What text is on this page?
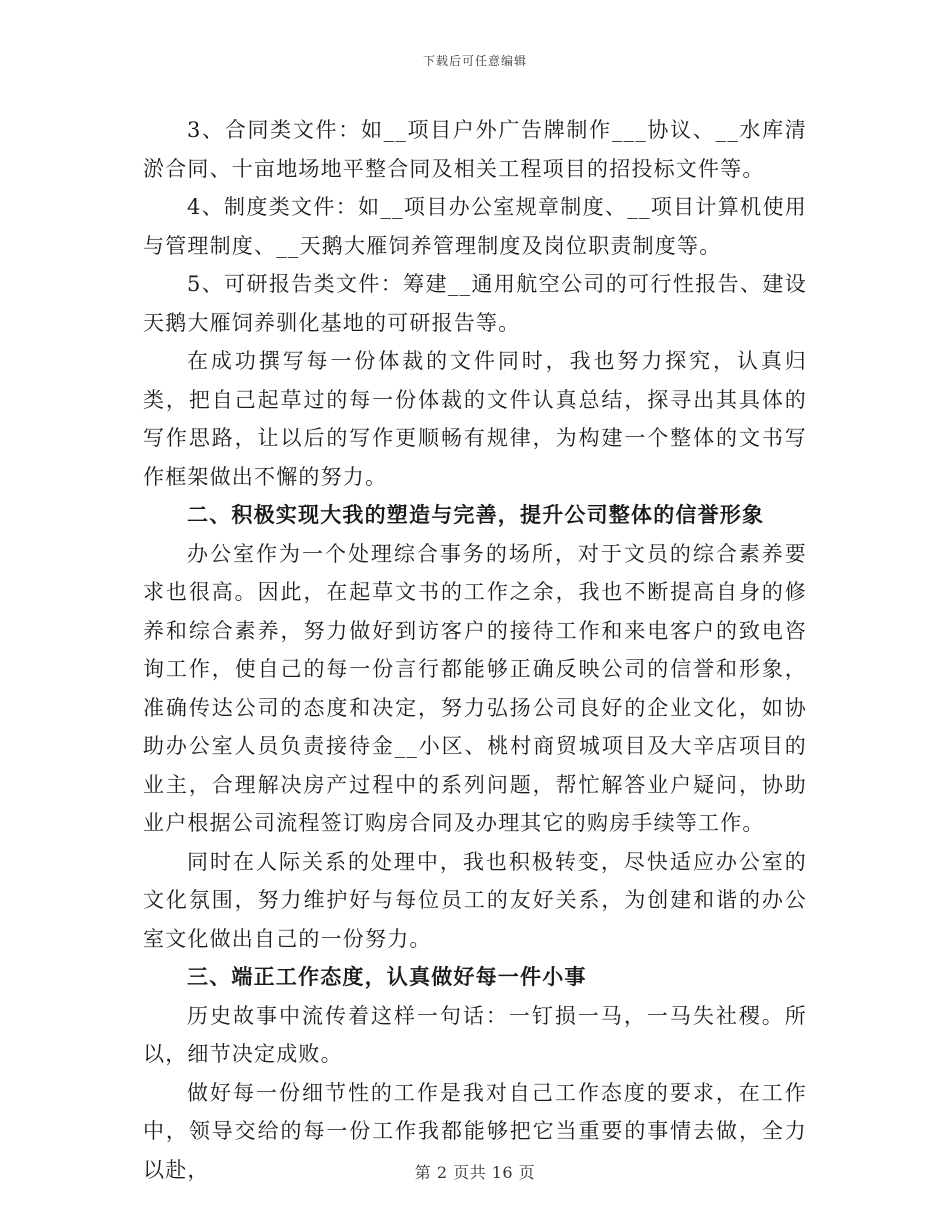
下载后可任意编辑

3、合同类文件：如__项目户外广告牌制作___协议、__水库清淤合同、十亩地场地平整合同及相关工程项目的招投标文件等。

4、制度类文件：如__项目办公室规章制度、__项目计算机使用与管理制度、__天鹅大雁饲养管理制度及岗位职责制度等。

5、可研报告类文件：筹建__通用航空公司的可行性报告、建设天鹅大雁饲养驯化基地的可研报告等。

在成功撰写每一份体裁的文件同时，我也努力探究，认真归类，把自己起草过的每一份体裁的文件认真总结，探寻出其具体的写作思路，让以后的写作更顺畅有规律，为构建一个整体的文书写作框架做出不懈的努力。

二、积极实现大我的塑造与完善，提升公司整体的信誉形象

办公室作为一个处理综合事务的场所，对于文员的综合素养要求也很高。因此，在起草文书的工作之余，我也不断提高自身的修养和综合素养，努力做好到访客户的接待工作和来电客户的致电咨询工作，使自己的每一份言行都能够正确反映公司的信誉和形象，准确传达公司的态度和决定，努力弘扬公司良好的企业文化，如协助办公室人员负责接待金__小区、桃村商贸城项目及大辛店项目的业主，合理解决房产过程中的系列问题，帮忙解答业户疑问，协助业户根据公司流程签订购房合同及办理其它的购房手续等工作。

同时在人际关系的处理中，我也积极转变，尽快适应办公室的文化氛围，努力维护好与每位员工的友好关系，为创建和谐的办公室文化做出自己的一份努力。

三、端正工作态度，认真做好每一件小事

历史故事中流传着这样一句话：一钉损一马，一马失社稷。所以，细节决定成败。

做好每一份细节性的工作是我对自己工作态度的要求，在工作中，领导交给的每一份工作我都能够把它当重要的事情去做，全力以赴，	第 2 页共 16 页
